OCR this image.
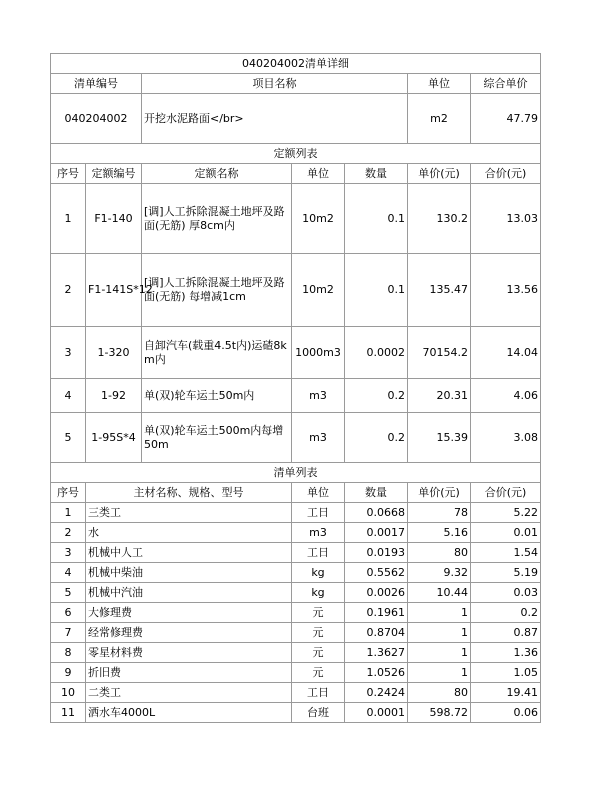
040204002清单详细						
清单编号		项目名称			单位	综合单价
040204002		开挖水泥路面</br>			m2	47.79
定额列表						
序号	定额编号	定额名称	单位	数量	单价(元)	合价(元)
1	F1-140	[调]人工拆除混凝土地坪及路面(无筋) 厚8cm内	10m2	0.1	130.2	13.03
2	F1-141S*12	[调]人工拆除混凝土地坪及路面(无筋) 每增减1cm	10m2	0.1	135.47	13.56
3	1-320	自卸汽车(载重4.5t内)运碴8km内	1000m3	0.0002	70154.2	14.04
4	1-92	单(双)轮车运土50m内	m3	0.2	20.31	4.06
5	1-95S*4	单(双)轮车运土500m内每增50m	m3	0.2	15.39	3.08
清单列表						
序号	主材名称、规格、型号		单位	数量	单价(元)	合价(元)
1	三类工		工日	0.0668	78	5.22
2	水		m3	0.0017	5.16	0.01
3	机械中人工		工日	0.0193	80	1.54
4	机械中柴油		kg	0.5562	9.32	5.19
5	机械中汽油		kg	0.0026	10.44	0.03
6	大修理费		元	0.1961	1	0.2
7	经常修理费		元	0.8704	1	0.87
8	零星材料费		元	1.3627	1	1.36
9	折旧费		元	1.0526	1	1.05
10	二类工		工日	0.2424	80	19.41
11	洒水车4000L		台班	0.0001	598.72	0.06
